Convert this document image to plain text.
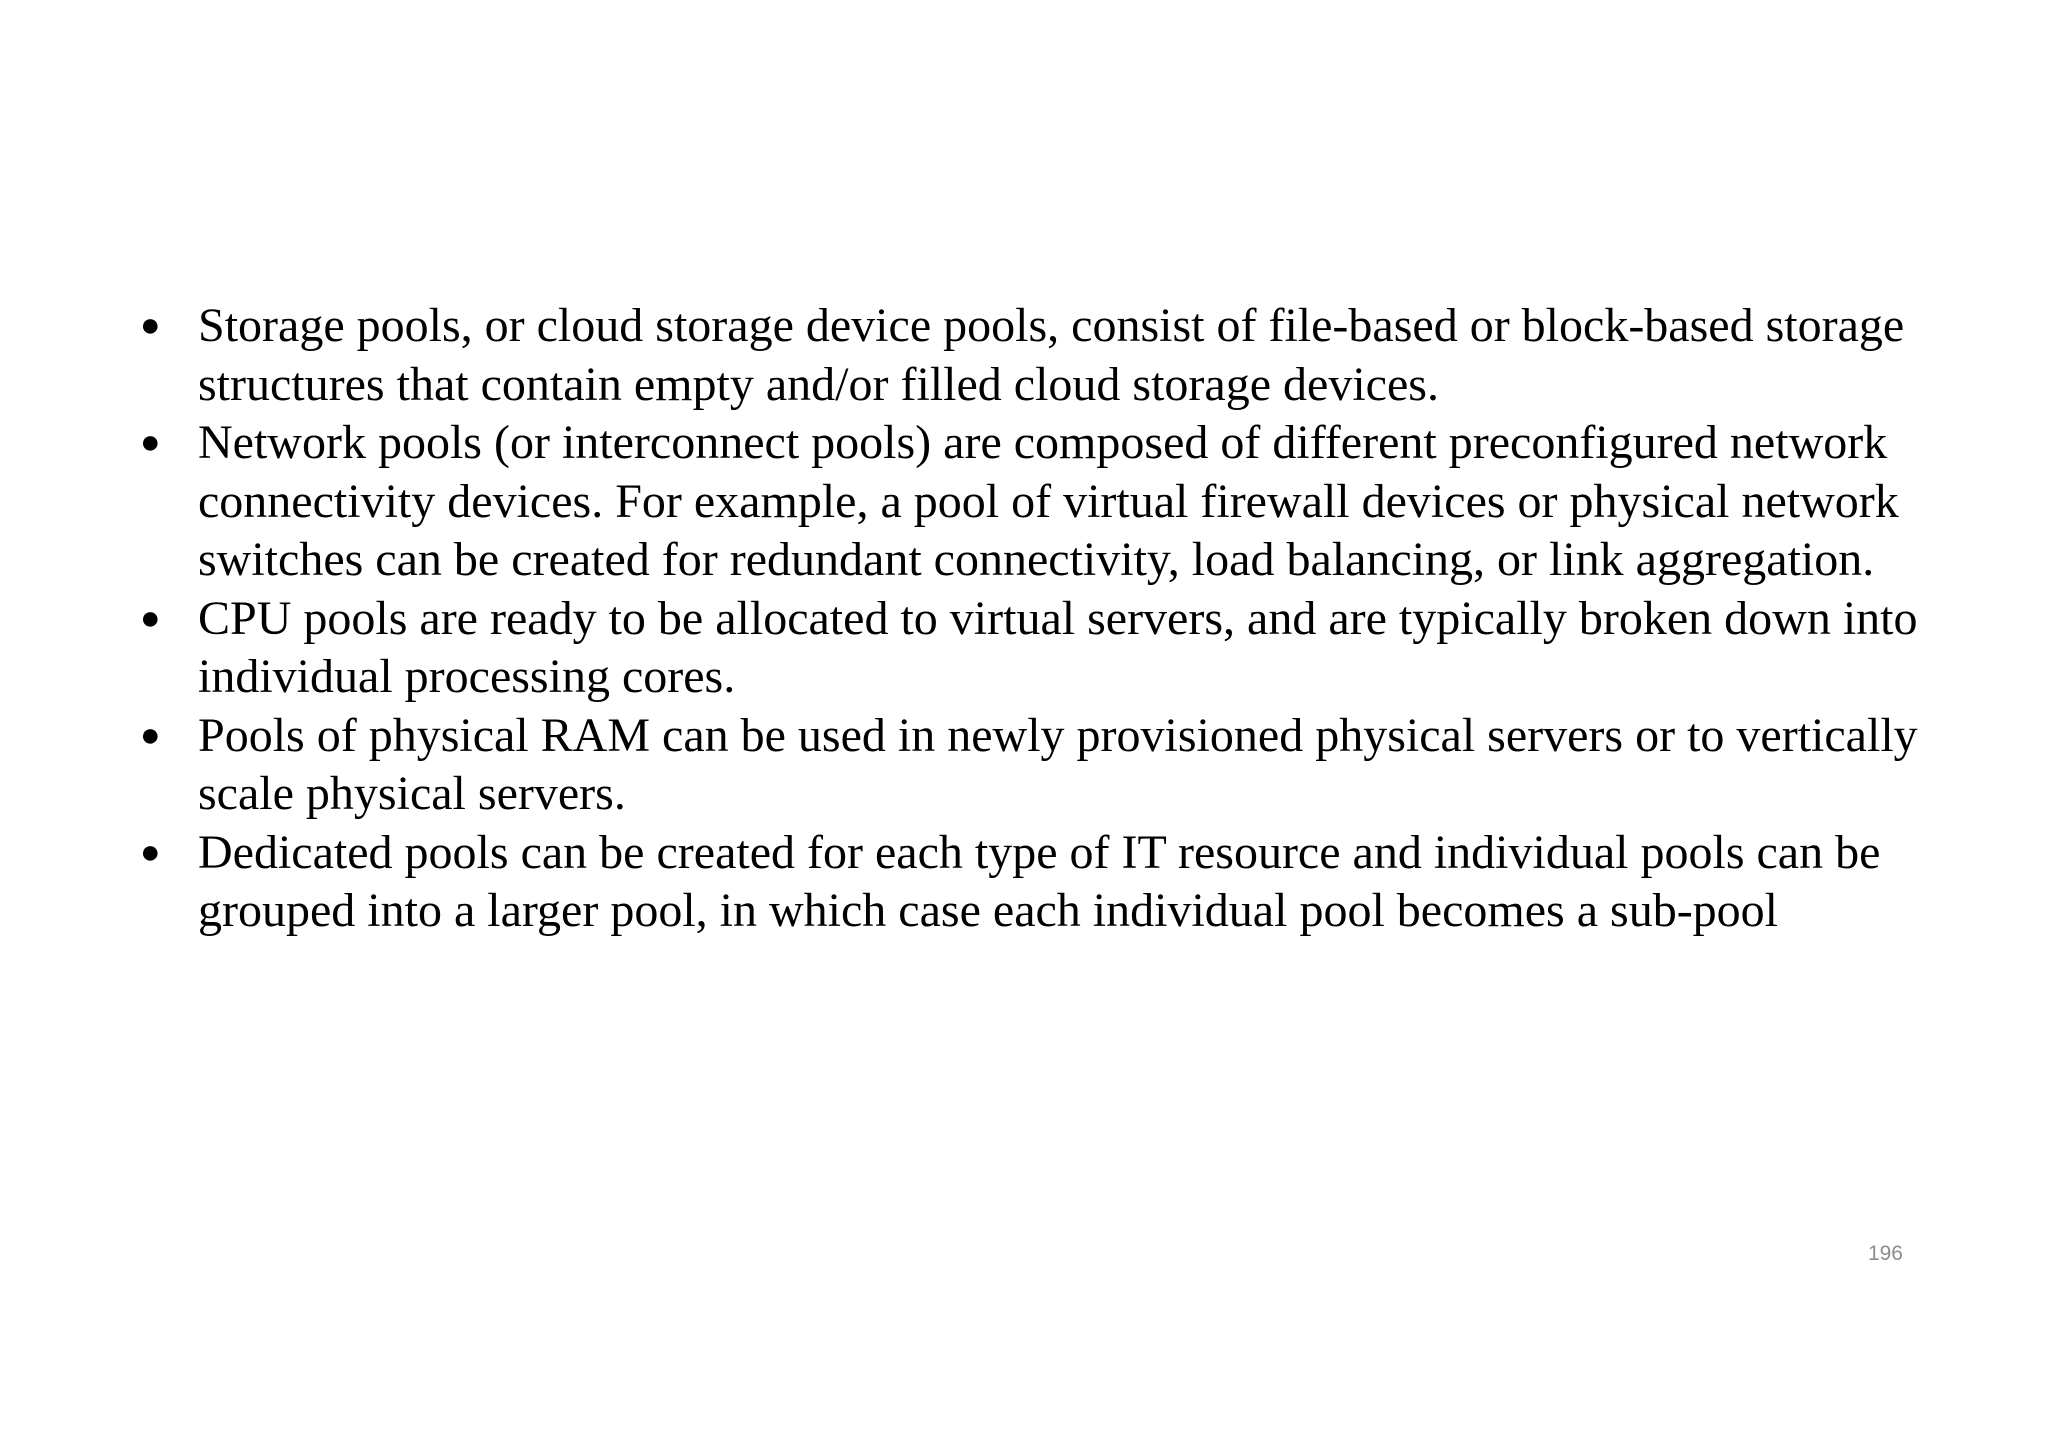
● Storage pools, or cloud storage device pools, consist of file-based or block-based storage structures that contain empty and/or filled cloud storage devices.
● Network pools (or interconnect pools) are composed of different preconfigured network connectivity devices. For example, a pool of virtual firewall devices or physical network switches can be created for redundant connectivity, load balancing, or link aggregation.
● CPU pools are ready to be allocated to virtual servers, and are typically broken down into individual processing cores.
● Pools of physical RAM can be used in newly provisioned physical servers or to vertically scale physical servers.
● Dedicated pools can be created for each type of IT resource and individual pools can be grouped into a larger pool, in which case each individual pool becomes a sub-pool
196
